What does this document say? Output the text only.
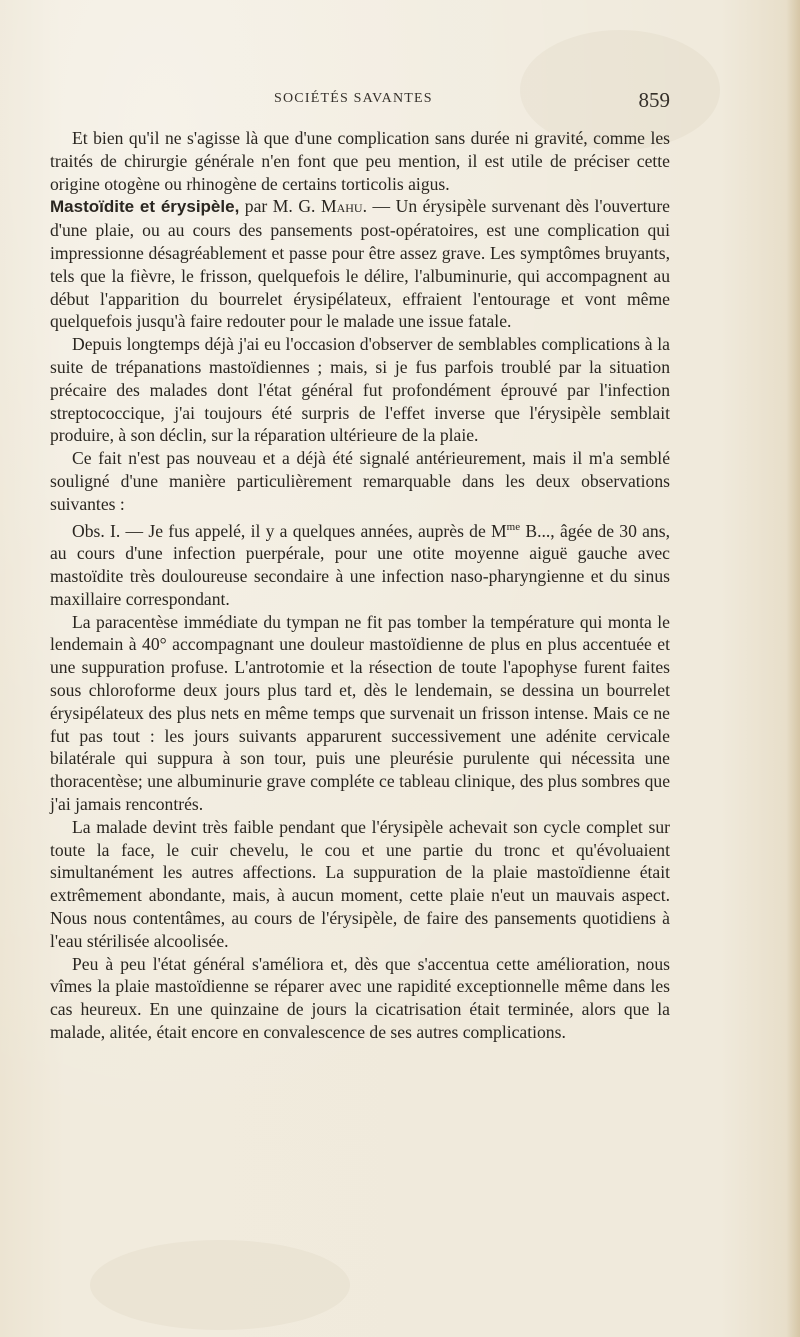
SOCIÉTÉS SAVANTES	859

Et bien qu'il ne s'agisse là que d'une complication sans durée ni gravité, comme les traités de chirurgie générale n'en font que peu mention, il est utile de préciser cette origine otogène ou rhinogène de certains torticolis aigus.

Mastoïdite et érysipèle, par M. G. Mahu. — Un érysipèle survenant dès l'ouverture d'une plaie, ou au cours des pansements post-opératoires, est une complication qui impressionne désagréablement et passe pour être assez grave. Les symptômes bruyants, tels que la fièvre, le frisson, quelquefois le délire, l'albuminurie, qui accompagnent au début l'apparition du bourrelet érysipélateux, effraient l'entourage et vont même quelquefois jusqu'à faire redouter pour le malade une issue fatale.

Depuis longtemps déjà j'ai eu l'occasion d'observer de semblables complications à la suite de trépanations mastoïdiennes ; mais, si je fus parfois troublé par la situation précaire des malades dont l'état général fut profondément éprouvé par l'infection streptococcique, j'ai toujours été surpris de l'effet inverse que l'érysipèle semblait produire, à son déclin, sur la réparation ultérieure de la plaie.

Ce fait n'est pas nouveau et a déjà été signalé antérieurement, mais il m'a semblé souligné d'une manière particulièrement remarquable dans les deux observations suivantes :

Obs. I. — Je fus appelé, il y a quelques années, auprès de $M^{me}$ B..., âgée de 30 ans, au cours d'une infection puerpérale, pour une otite moyenne aiguë gauche avec mastoïdite très douloureuse secondaire à une infection naso-pharyngienne et du sinus maxillaire correspondant.

La paracentèse immédiate du tympan ne fit pas tomber la température qui monta le lendemain à 40° accompagnant une douleur mastoïdienne de plus en plus accentuée et une suppuration profuse. L'antrotomie et la résection de toute l'apophyse furent faites sous chloroforme deux jours plus tard et, dès le lendemain, se dessina un bourrelet érysipélateux des plus nets en même temps que survenait un frisson intense. Mais ce ne fut pas tout : les jours suivants apparurent successivement une adénite cervicale bilatérale qui suppura à son tour, puis une pleurésie purulente qui nécessita une thoracentèse; une albuminurie grave compléte ce tableau clinique, des plus sombres que j'ai jamais rencontrés.

La malade devint très faible pendant que l'érysipèle achevait son cycle complet sur toute la face, le cuir chevelu, le cou et une partie du tronc et qu'évoluaient simultanément les autres affections. La suppuration de la plaie mastoïdienne était extrêmement abondante, mais, à aucun moment, cette plaie n'eut un mauvais aspect. Nous nous contentâmes, au cours de l'érysipèle, de faire des pansements quotidiens à l'eau stérilisée alcoolisée.

Peu à peu l'état général s'améliora et, dès que s'accentua cette amélioration, nous vîmes la plaie mastoïdienne se réparer avec une rapidité exceptionnelle même dans les cas heureux. En une quinzaine de jours la cicatrisation était terminée, alors que la malade, alitée, était encore en convalescence de ses autres complications.
